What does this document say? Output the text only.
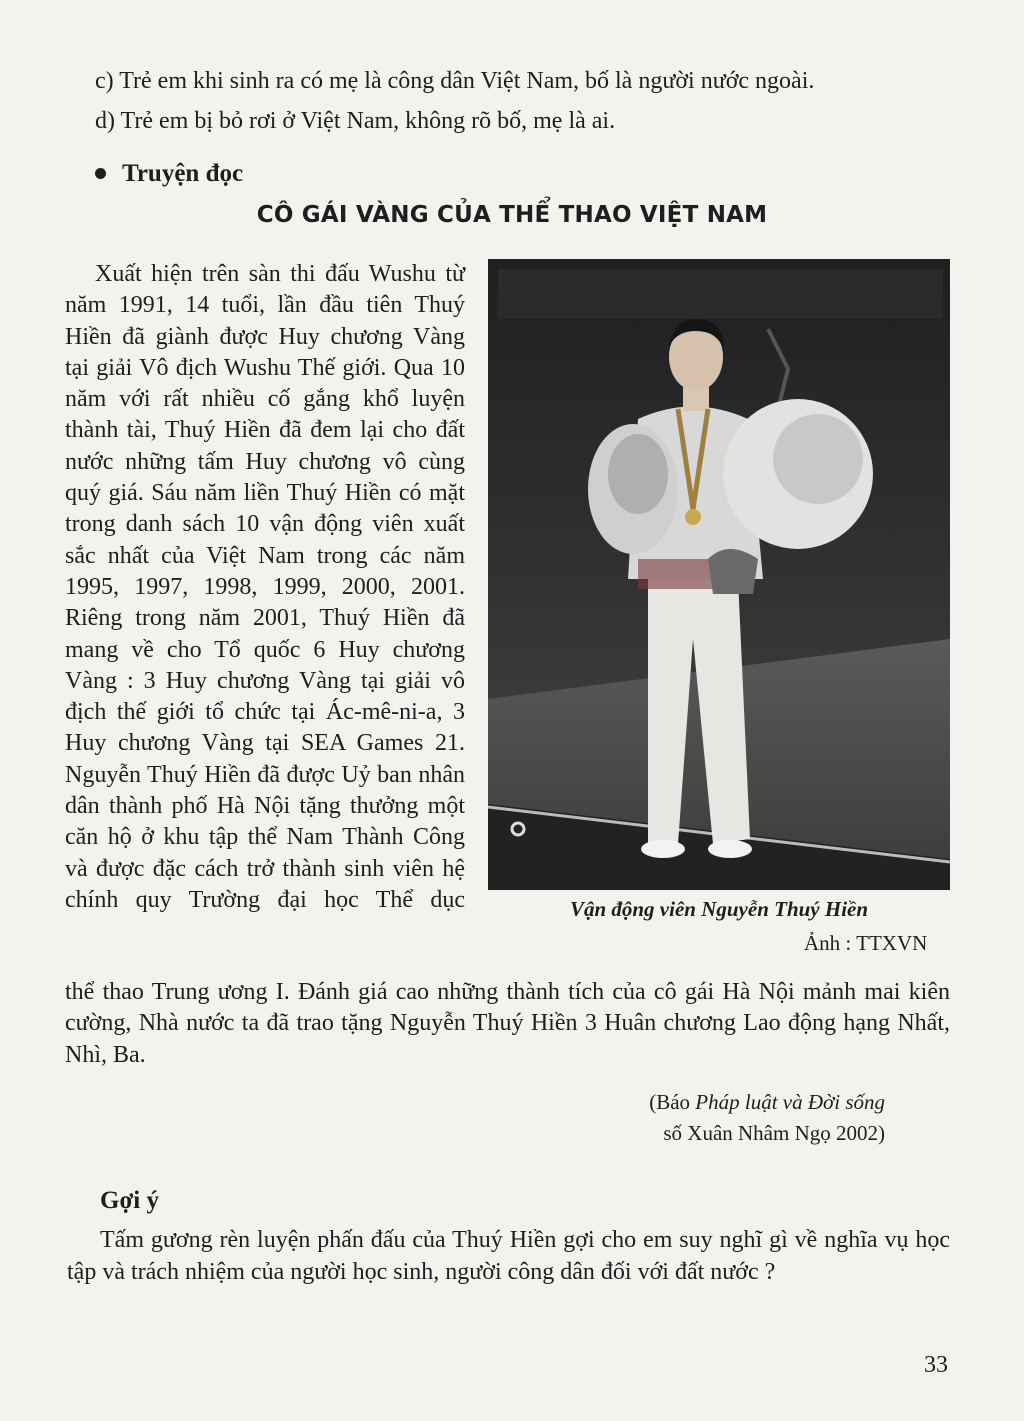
c) Trẻ em khi sinh ra có mẹ là công dân Việt Nam, bố là người nước ngoài.
d) Trẻ em bị bỏ rơi ở Việt Nam, không rõ bố, mẹ là ai.
Truyện đọc
CÔ GÁI VÀNG CỦA THỂ THAO VIỆT NAM

Xuất hiện trên sàn thi đấu Wushu từ năm 1991, 14 tuổi, lần đầu tiên Thuý Hiền đã giành được Huy chương Vàng tại giải Vô địch Wushu Thế giới. Qua 10 năm với rất nhiều cố gắng khổ luyện thành tài, Thuý Hiền đã đem lại cho đất nước những tấm Huy chương vô cùng quý giá. Sáu năm liền Thuý Hiền có mặt trong danh sách 10 vận động viên xuất sắc nhất của Việt Nam trong các năm 1995, 1997, 1998, 1999, 2000, 2001. Riêng trong năm 2001, Thuý Hiền đã mang về cho Tổ quốc 6 Huy chương Vàng : 3 Huy chương Vàng tại giải vô địch thế giới tổ chức tại Ác-mê-ni-a, 3 Huy chương Vàng tại SEA Games 21. Nguyễn Thuý Hiền đã được Uỷ ban nhân dân thành phố Hà Nội tặng thưởng một căn hộ ở khu tập thể Nam Thành Công và được đặc cách trở thành sinh viên hệ chính quy Trường đại học Thể dục	Vận động viên Nguyễn Thuý Hiền
Ảnh : TTXVN
thể thao Trung ương I. Đánh giá cao những thành tích của cô gái Hà Nội mảnh mai kiên cường, Nhà nước ta đã trao tặng Nguyễn Thuý Hiền 3 Huân chương Lao động hạng Nhất, Nhì, Ba.
(Báo Pháp luật và Đời sống
số Xuân Nhâm Ngọ 2002)
Gợi ý

Tấm gương rèn luyện phấn đấu của Thuý Hiền gợi cho em suy nghĩ gì về nghĩa vụ học tập và trách nhiệm của người học sinh, người công dân đối với đất nước ?

33
